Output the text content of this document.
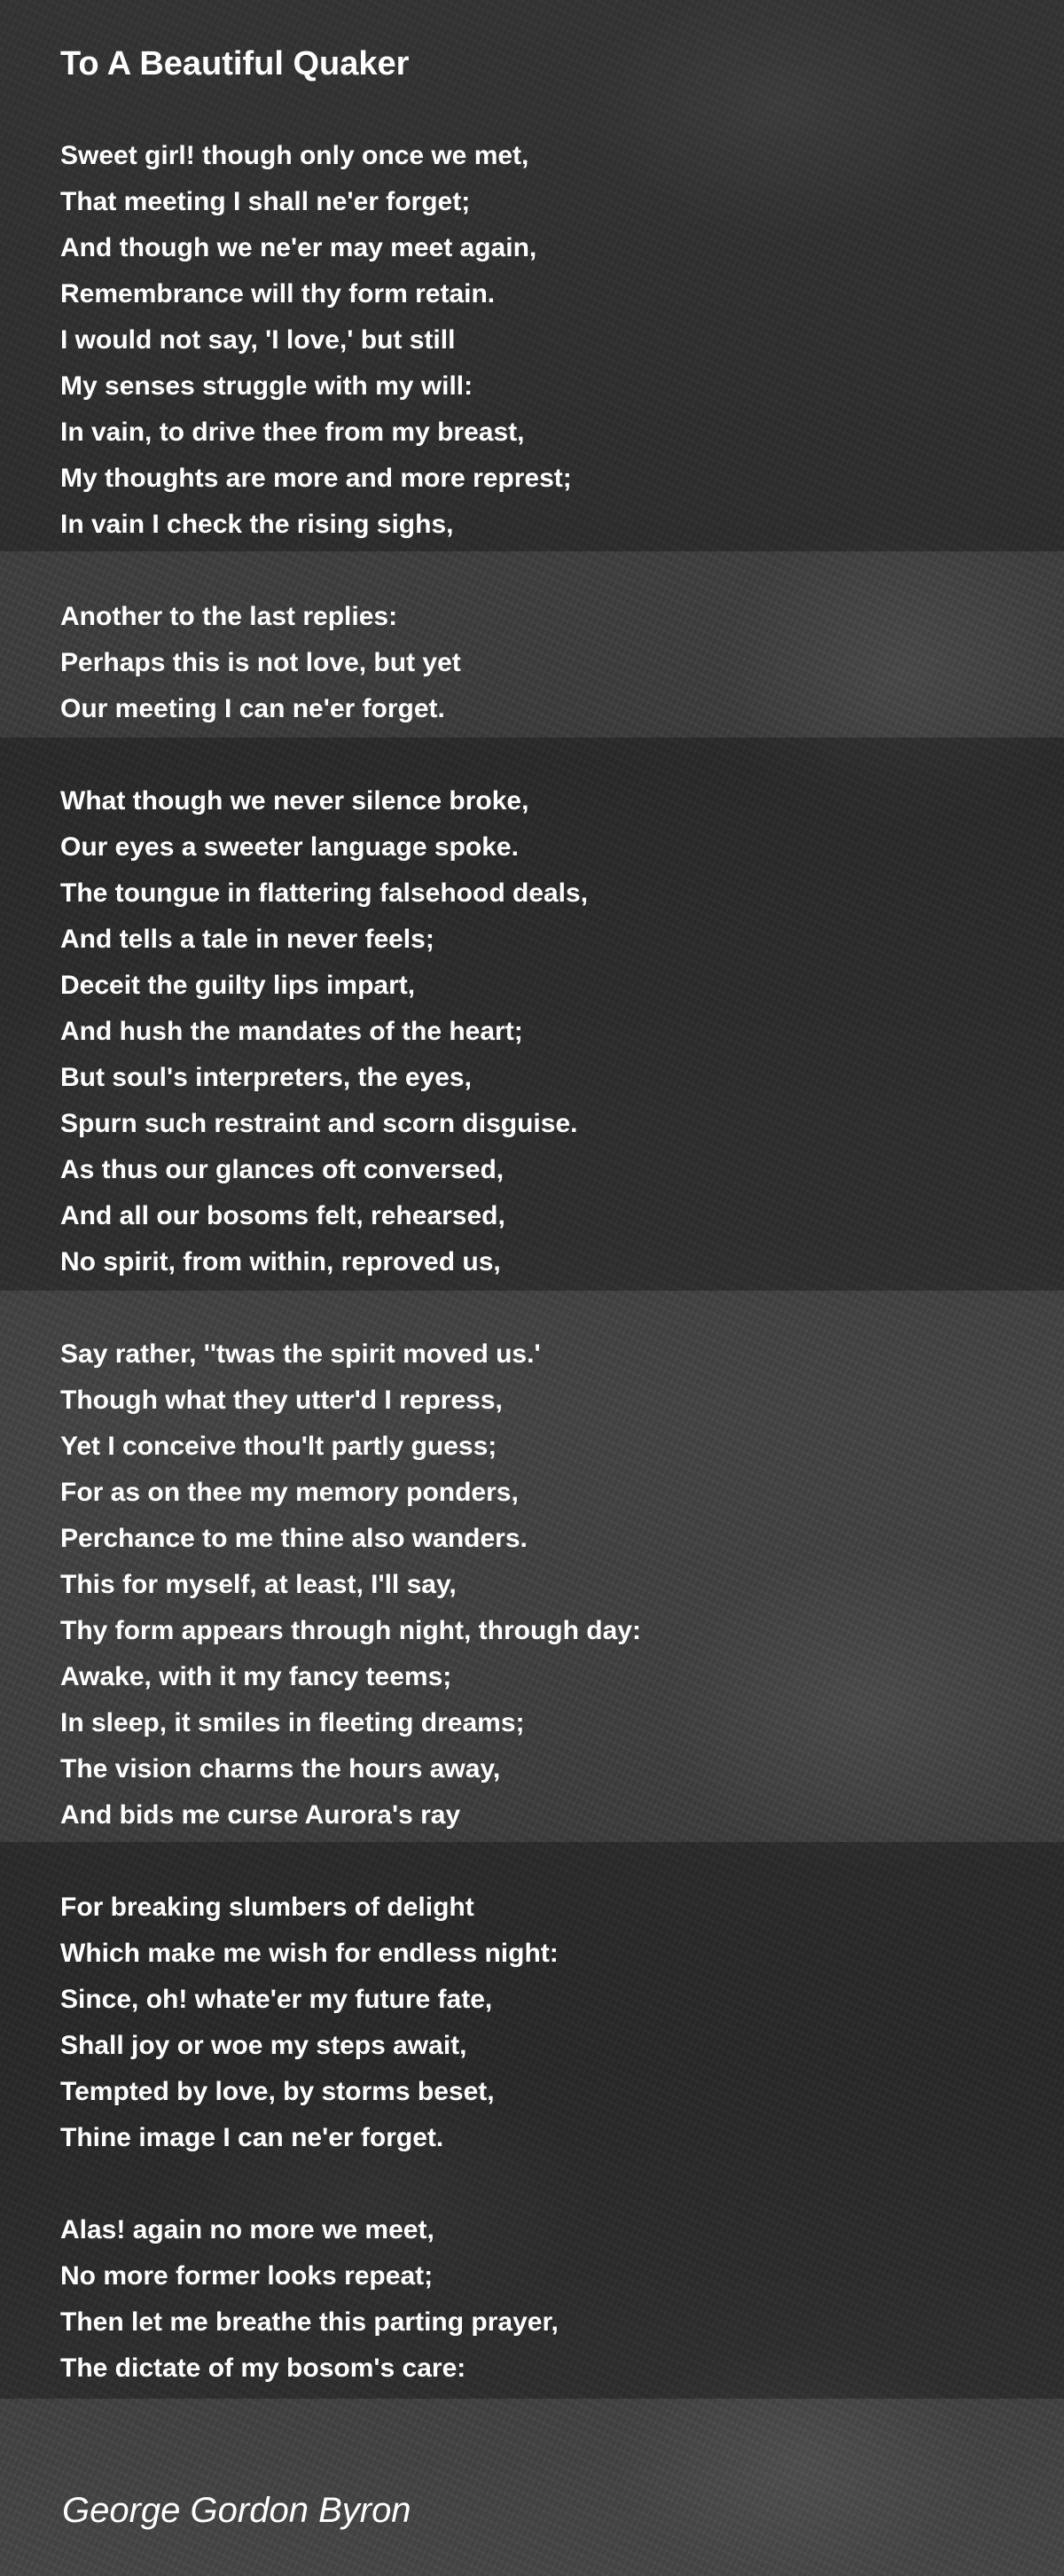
To A Beautiful Quaker
Sweet girl! though only once we met,
That meeting I shall ne'er forget;
And though we ne'er may meet again,
Remembrance will thy form retain.
I would not say, 'I love,' but still
My senses struggle with my will:
In vain, to drive thee from my breast,
My thoughts are more and more represt;
In vain I check the rising sighs,
Another to the last replies:
Perhaps this is not love, but yet
Our meeting I can ne'er forget.
What though we never silence broke,
Our eyes a sweeter language spoke.
The toungue in flattering falsehood deals,
And tells a tale in never feels;
Deceit the guilty lips impart,
And hush the mandates of the heart;
But soul's interpreters, the eyes,
Spurn such restraint and scorn disguise.
As thus our glances oft conversed,
And all our bosoms felt, rehearsed,
No spirit, from within, reproved us,
Say rather, ''twas the spirit moved us.'
Though what they utter'd I repress,
Yet I conceive thou'lt partly guess;
For as on thee my memory ponders,
Perchance to me thine also wanders.
This for myself, at least, I'll say,
Thy form appears through night, through day:
Awake, with it my fancy teems;
In sleep, it smiles in fleeting dreams;
The vision charms the hours away,
And bids me curse Aurora's ray
For breaking slumbers of delight
Which make me wish for endless night:
Since, oh! whate'er my future fate,
Shall joy or woe my steps await,
Tempted by love, by storms beset,
Thine image I can ne'er forget.
Alas! again no more we meet,
No more former looks repeat;
Then let me breathe this parting prayer,
The dictate of my bosom's care:
George Gordon Byron
